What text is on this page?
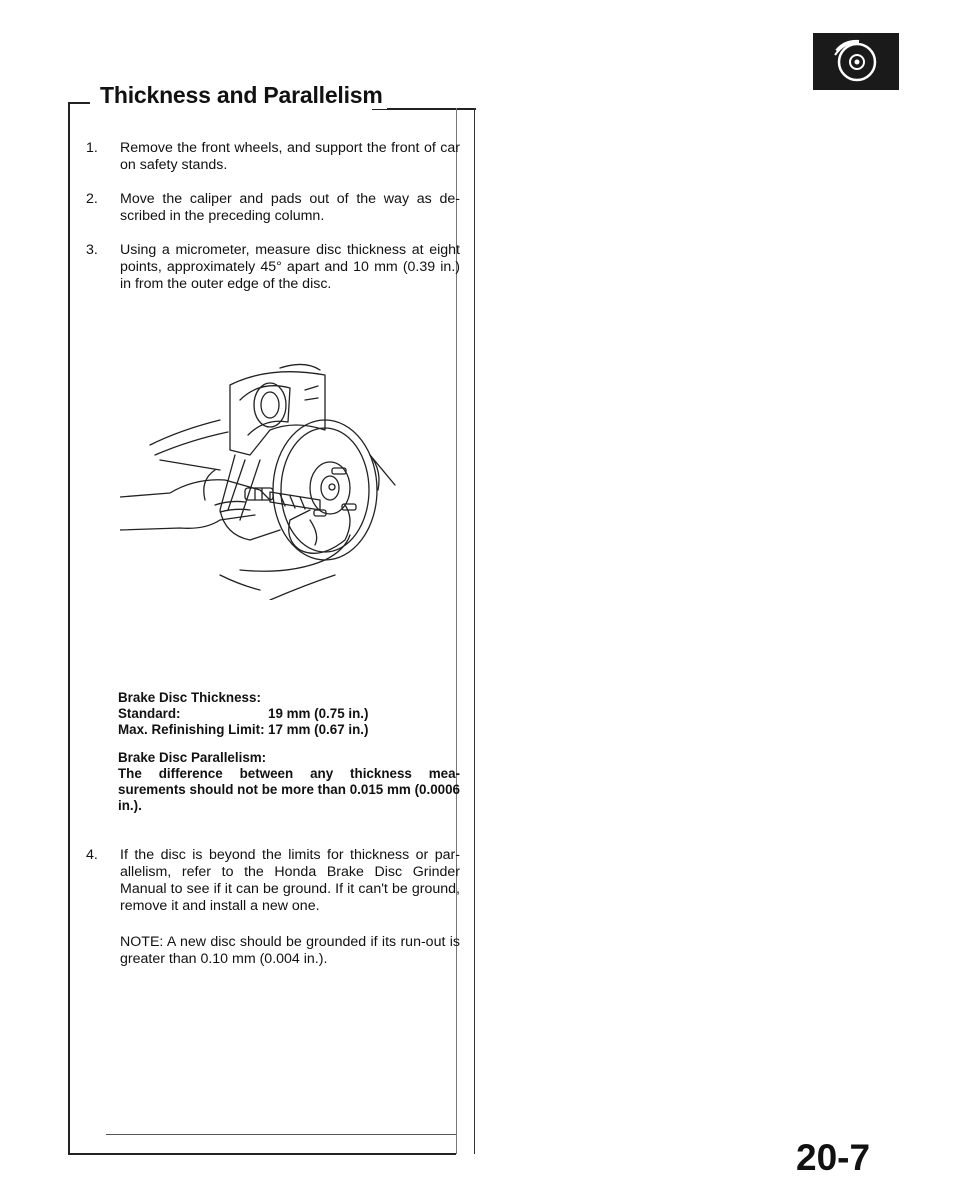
Thickness and Parallelism
1.	Remove the front wheels, and support the front of car on safety stands.
2.	Move the caliper and pads out of the way as de-scribed in the preceding column.
3.	Using a micrometer, measure disc thickness at eight points, approximately 45° apart and 10 mm (0.39 in.) in from the outer edge of the disc.

Brake Disc Thickness:

Standard:	19 mm (0.75 in.)
Max. Refinishing Limit: 17 mm (0.67 in.)

Brake Disc Parallelism:

The difference between any thickness mea-surements should not be more than 0.015 mm (0.0006 in.).

4.	If the disc is beyond the limits for thickness or par-allelism, refer to the Honda Brake Disc Grinder Manual to see if it can be ground. If it can't be ground, remove it and install a new one.

NOTE: A new disc should be grounded if its run-out is greater than 0.10 mm (0.004 in.).

20-7
